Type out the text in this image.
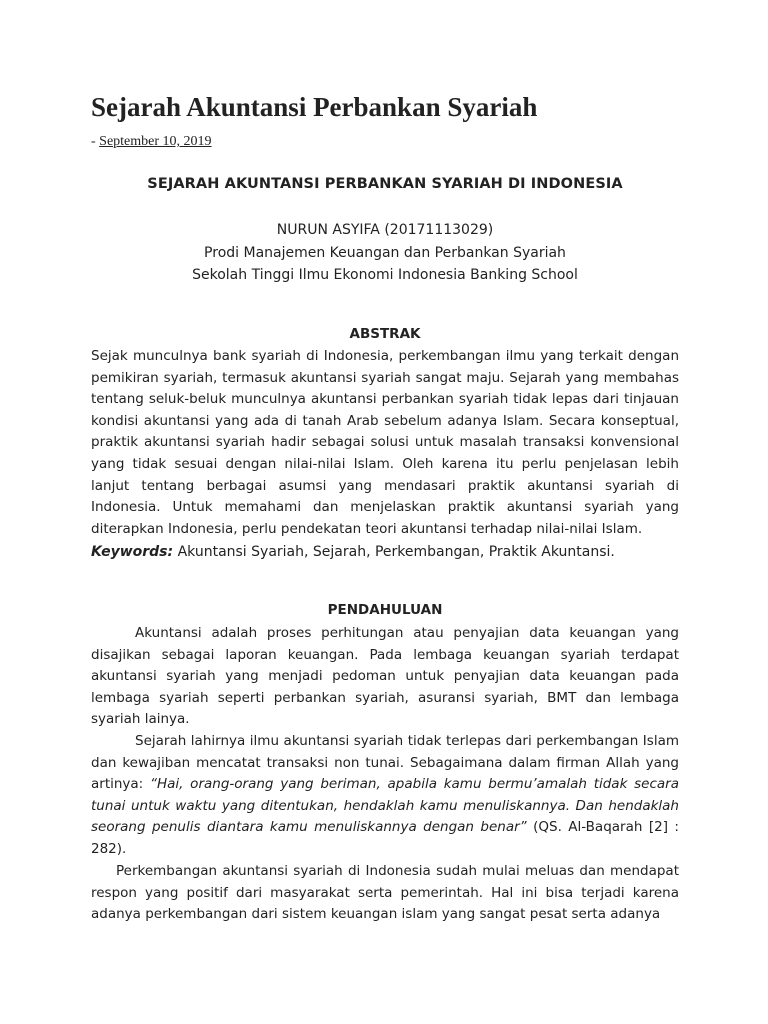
Sejarah Akuntansi Perbankan Syariah
- September 10, 2019
SEJARAH AKUNTANSI PERBANKAN SYARIAH DI INDONESIA
NURUN ASYIFA (20171113029)
Prodi Manajemen Keuangan dan Perbankan Syariah
Sekolah Tinggi Ilmu Ekonomi Indonesia Banking School
ABSTRAK

Sejak munculnya bank syariah di Indonesia, perkembangan ilmu yang terkait dengan pemikiran syariah, termasuk akuntansi syariah sangat maju. Sejarah yang membahas tentang seluk-beluk munculnya akuntansi perbankan syariah tidak lepas dari tinjauan kondisi akuntansi yang ada di tanah Arab sebelum adanya Islam. Secara konseptual, praktik akuntansi syariah hadir sebagai solusi untuk masalah transaksi konvensional yang tidak sesuai dengan nilai-nilai Islam. Oleh karena itu perlu penjelasan lebih lanjut tentang berbagai asumsi yang mendasari praktik akuntansi syariah di Indonesia. Untuk memahami dan menjelaskan praktik akuntansi syariah yang diterapkan Indonesia, perlu pendekatan teori akuntansi terhadap nilai-nilai Islam.

Keywords: Akuntansi Syariah, Sejarah, Perkembangan, Praktik Akuntansi.

PENDAHULUAN

Akuntansi adalah proses perhitungan atau penyajian data keuangan yang disajikan sebagai laporan keuangan. Pada lembaga keuangan syariah terdapat akuntansi syariah yang menjadi pedoman untuk penyajian data keuangan pada lembaga syariah seperti perbankan syariah, asuransi syariah, BMT dan lembaga syariah lainya.

Sejarah lahirnya ilmu akuntansi syariah tidak terlepas dari perkembangan Islam dan kewajiban mencatat transaksi non tunai. Sebagaimana dalam firman Allah yang artinya: “Hai, orang-orang yang beriman, apabila kamu bermu’amalah tidak secara tunai untuk waktu yang ditentukan, hendaklah kamu menuliskannya. Dan hendaklah seorang penulis diantara kamu menuliskannya dengan benar” (QS. Al-Baqarah [2] : 282).

Perkembangan akuntansi syariah di Indonesia sudah mulai meluas dan mendapat respon yang positif dari masyarakat serta pemerintah. Hal ini bisa terjadi karena adanya perkembangan dari sistem keuangan islam yang sangat pesat serta adanya
